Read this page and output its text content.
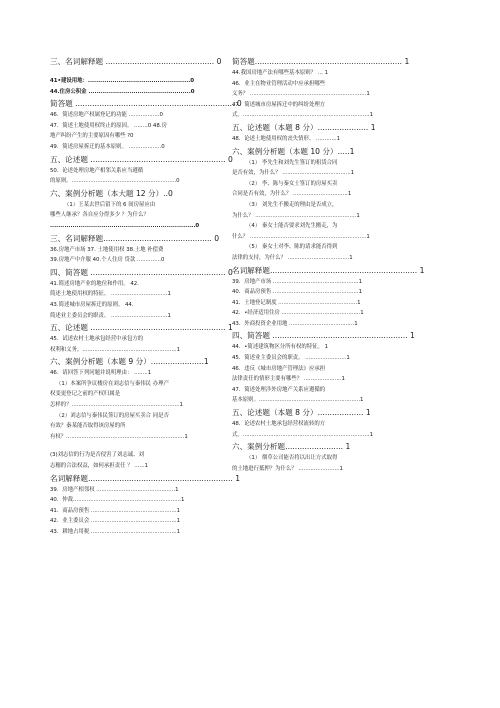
三、名词解释题 ............................................. 0
41•建设用地：..................................................0
44.住房公积金 ..................................................0
简答题 .................................................................. 0
46．简述房地产权属登记的功能 ..................0
47．简述土地使用权终止的原因。 ........0 48.房
地产纠纷产生的主要原因有哪些 ?0
49．简述房屋拆迁的基本原则。 ...................0
五、论述题 ........................................................ 0
50．论述处理房地产相邻关系应当遵循
的原则。.............................................................0
六、案例分析题（本大题 12 分）..0
（1）王某去世后留下的 6 间房屋应由
哪些人继承？各自应分得多少 ？为什么？
.......................................................................0
三、名词解释题............................................. 0
36.房地产市场 37. 土地使用权 38.土地 补偿费
39.房地产中介服 40.个人住房 贷款 ..............0
四、简答题 ........................................................ 0
41.简述房地产业的地位和作用。 42.
简述土地使用权的特征。 .................................1
43.简述城市房屋拆迁的原则。 44.
简述业主委员会的职责。 .................................1
五、论述题 ........................................................ 1
45．试述农村土地承包经营中承包方的
权利和义务。.......................................................1
六、案例分析题（本题 9 分）......................1
46．请回答下列问题并说明理由： ........1
（1）本案所争议楼房在刘志信与秦伟民 办理产
权变更登记之前的产权归属是
怎样的？...............................................................1
（2）刘志信与秦伟民签订的房屋买卖合 同是否
有效？秦某能否取得该房屋的所
有权？.....................................................................1
(3)刘志信的行为是否侵害了刘志诚、刘
志穗的合法权益，如何承担责任 ？ ......1
名词解释题............................................................ 1
39．房地产相邻权 ..............................................1
40．仲裁...............................................................1
41．商品房预售 ..................................................1
42．业主委员会 ..................................................1
43．耕地占用税 ..................................................1
简答题............................................................. 1
44.我国房地产法有哪些基本原则？ ... 1
46．业主在物业管理活动中应承担哪些
义务？ ....................................................................1
47．简述城市房屋拆迁中的纠纷处理方
式。..........................................................................1
五、论述题（本题 8 分）..................... 1
48．论述土地使用权的丧失情形。 ............1
六、案例分析题（本题 10 分）.....1
（1） 李先生和刘先生签订的租赁合同
是否有效，为什么？ ........................................1
（2） 李、陈与秦女士签订的房屋买卖
合同是否有效，为什么？ ................................1
（3） 刘先生不搬走的理由是否成立，
为什么？ ...........................................................1
（4） 秦女士能否要求刘先生搬走，为
什么？ ....................................................................1
（5） 秦女士对李、陈的请求能否得到
法律的支持，为什么？ ....................................1
名词解释题............................................................. 1
39．房地产市场 ..................................................1
40．商品房预售 ..................................................1
41．土地登记制度 ..............................................1
42．•经济适用住房 ..............................................1
43．外商投资企业用地 ......................................1
四、简答题 ........................................................ 1
44．•简述建筑物区分所有权的特征。 1
45．简述业主委员会的职责。 ........................1
46．违反《城市房地产管理法》应承担
法律责任的情形主要有哪些？ ......................1
47．简述处理涉外房地产关系应遵循的
基本原则。...........................................................1
五、论述题（本题 8 分）................... 1
48．论述农村土地承包经营权流转的方
式。..........................................................................1
六、案例分析题........................ 1
（1） 烟草公司能否将以出让方式取得
的土地进行抵押？为什么？ ........................1
